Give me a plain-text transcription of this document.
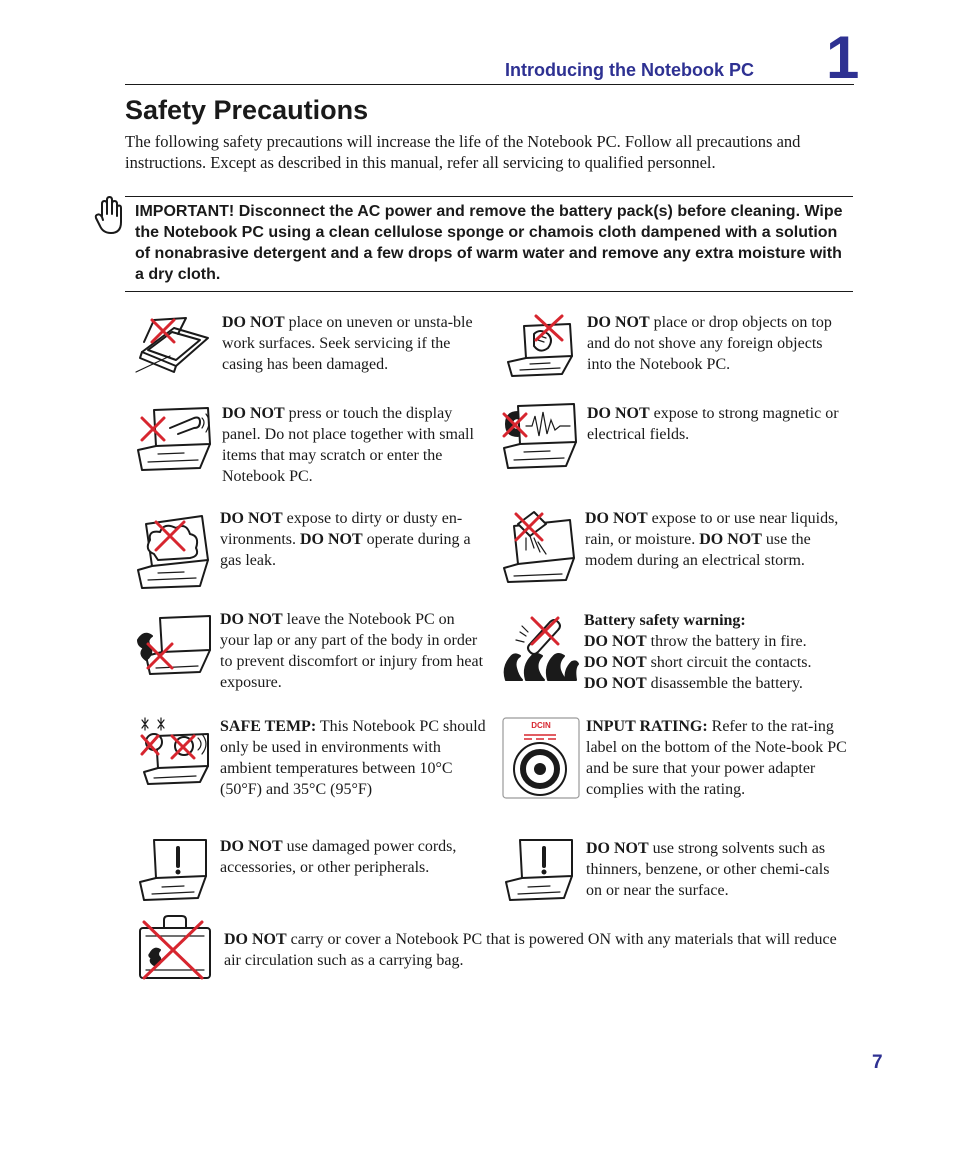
Introducing the Notebook PC 1
Safety Precautions
The following safety precautions will increase the life of the Notebook PC. Follow all precautions and instructions. Except as described in this manual, refer all servicing to qualified personnel.
IMPORTANT! Disconnect the AC power and remove the battery pack(s) before cleaning. Wipe the Notebook PC using a clean cellulose sponge or chamois cloth dampened with a solution of nonabrasive detergent and a few drops of warm water and remove any extra moisture with a dry cloth.
DO NOT place on uneven or unsta-ble work surfaces. Seek servicing if the casing has been damaged.
DO NOT place or drop objects on top and do not shove any foreign objects into the Notebook PC.
DO NOT press or touch the display panel. Do not place together with small items that may scratch or enter the Notebook PC.
DO NOT expose to strong magnetic or electrical fields.
DO NOT expose to dirty or dusty en-vironments. DO NOT operate during a gas leak.
DO NOT expose to or use near liquids, rain, or moisture. DO NOT use the modem during an electrical storm.
DO NOT leave the Notebook PC on your lap or any part of the body in order to prevent discomfort or injury from heat exposure.
Battery safety warning:
DO NOT throw the battery in fire.
DO NOT short circuit the contacts.
DO NOT disassemble the battery.
SAFE TEMP: This Notebook PC should only be used in environments with ambient temperatures between 10°C (50°F) and 35°C (95°F)
DCIN	INPUT RATING: Refer to the rat-ing label on the bottom of the Note-book PC and be sure that your power adapter complies with the rating.
DO NOT use damaged power cords, accessories, or other peripherals.
DO NOT use strong solvents such as thinners, benzene, or other chemi-cals on or near the surface.
DO NOT carry or cover a Notebook PC that is powered ON with any materials that will reduce air circulation such as a carrying bag.
7
